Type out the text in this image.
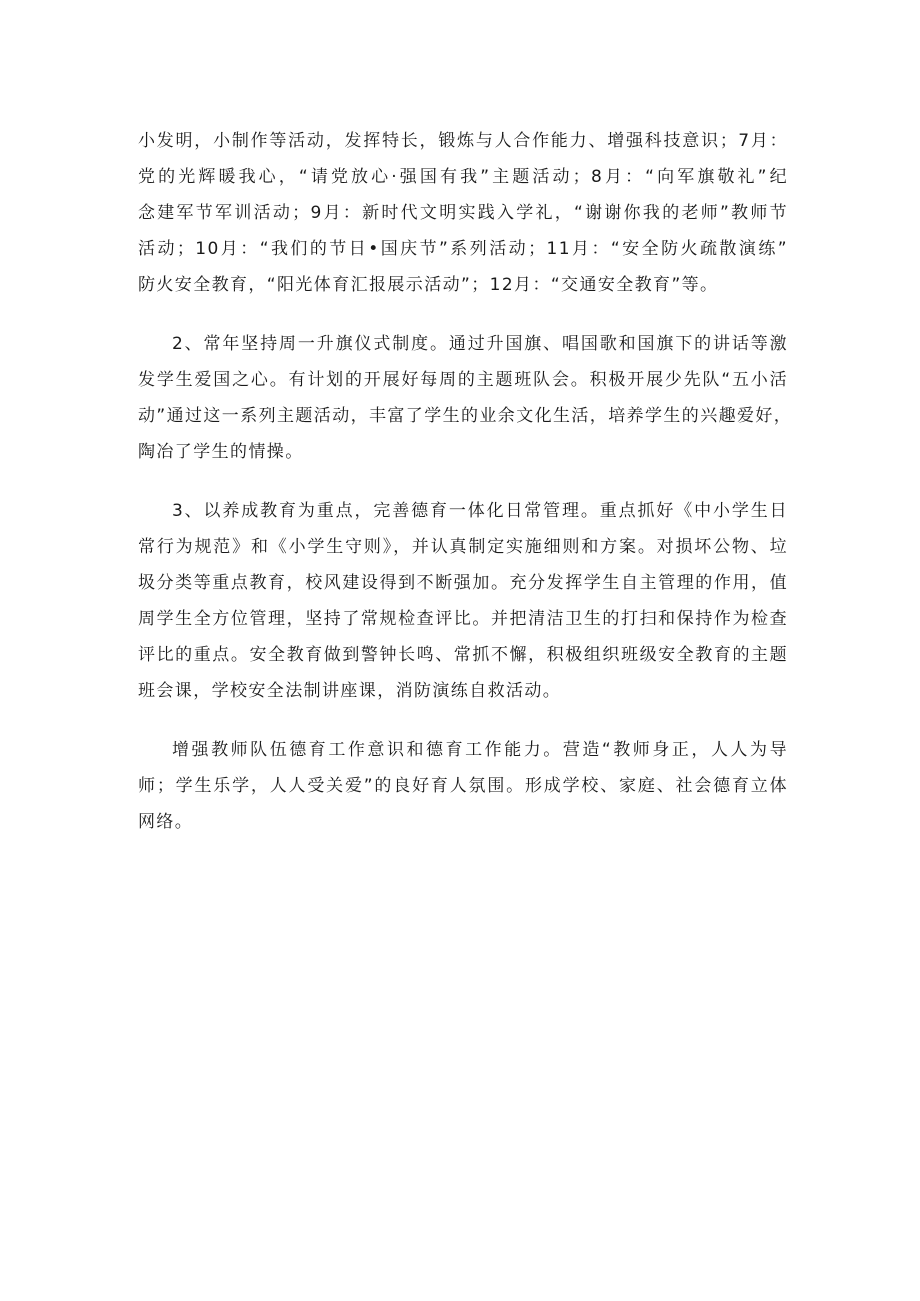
小发明，小制作等活动，发挥特长，锻炼与人合作能力、增强科技意识；7月：
党的光辉暖我心，“请党放心·强国有我”主题活动；8月：“向军旗敬礼”纪
念建军节军训活动；9月：新时代文明实践入学礼，“谢谢你我的老师”教师节
活动；10月：“我们的节日•国庆节”系列活动；11月：“安全防火疏散演练”
防火安全教育，“阳光体育汇报展示活动”；12月：“交通安全教育”等。
2、常年坚持周一升旗仪式制度。通过升国旗、唱国歌和国旗下的讲话等激
发学生爱国之心。有计划的开展好每周的主题班队会。积极开展少先队“五小活
动”通过这一系列主题活动，丰富了学生的业余文化生活，培养学生的兴趣爱好，
陶冶了学生的情操。
3、以养成教育为重点，完善德育一体化日常管理。重点抓好《中小学生日
常行为规范》和《小学生守则》，并认真制定实施细则和方案。对损坏公物、垃
圾分类等重点教育，校风建设得到不断强加。充分发挥学生自主管理的作用，值
周学生全方位管理，坚持了常规检查评比。并把清洁卫生的打扫和保持作为检查
评比的重点。安全教育做到警钟长鸣、常抓不懈，积极组织班级安全教育的主题
班会课，学校安全法制讲座课，消防演练自救活动。
增强教师队伍德育工作意识和德育工作能力。营造“教师身正，人人为导
师；学生乐学，人人受关爱”的良好育人氛围。形成学校、家庭、社会德育立体
网络。
